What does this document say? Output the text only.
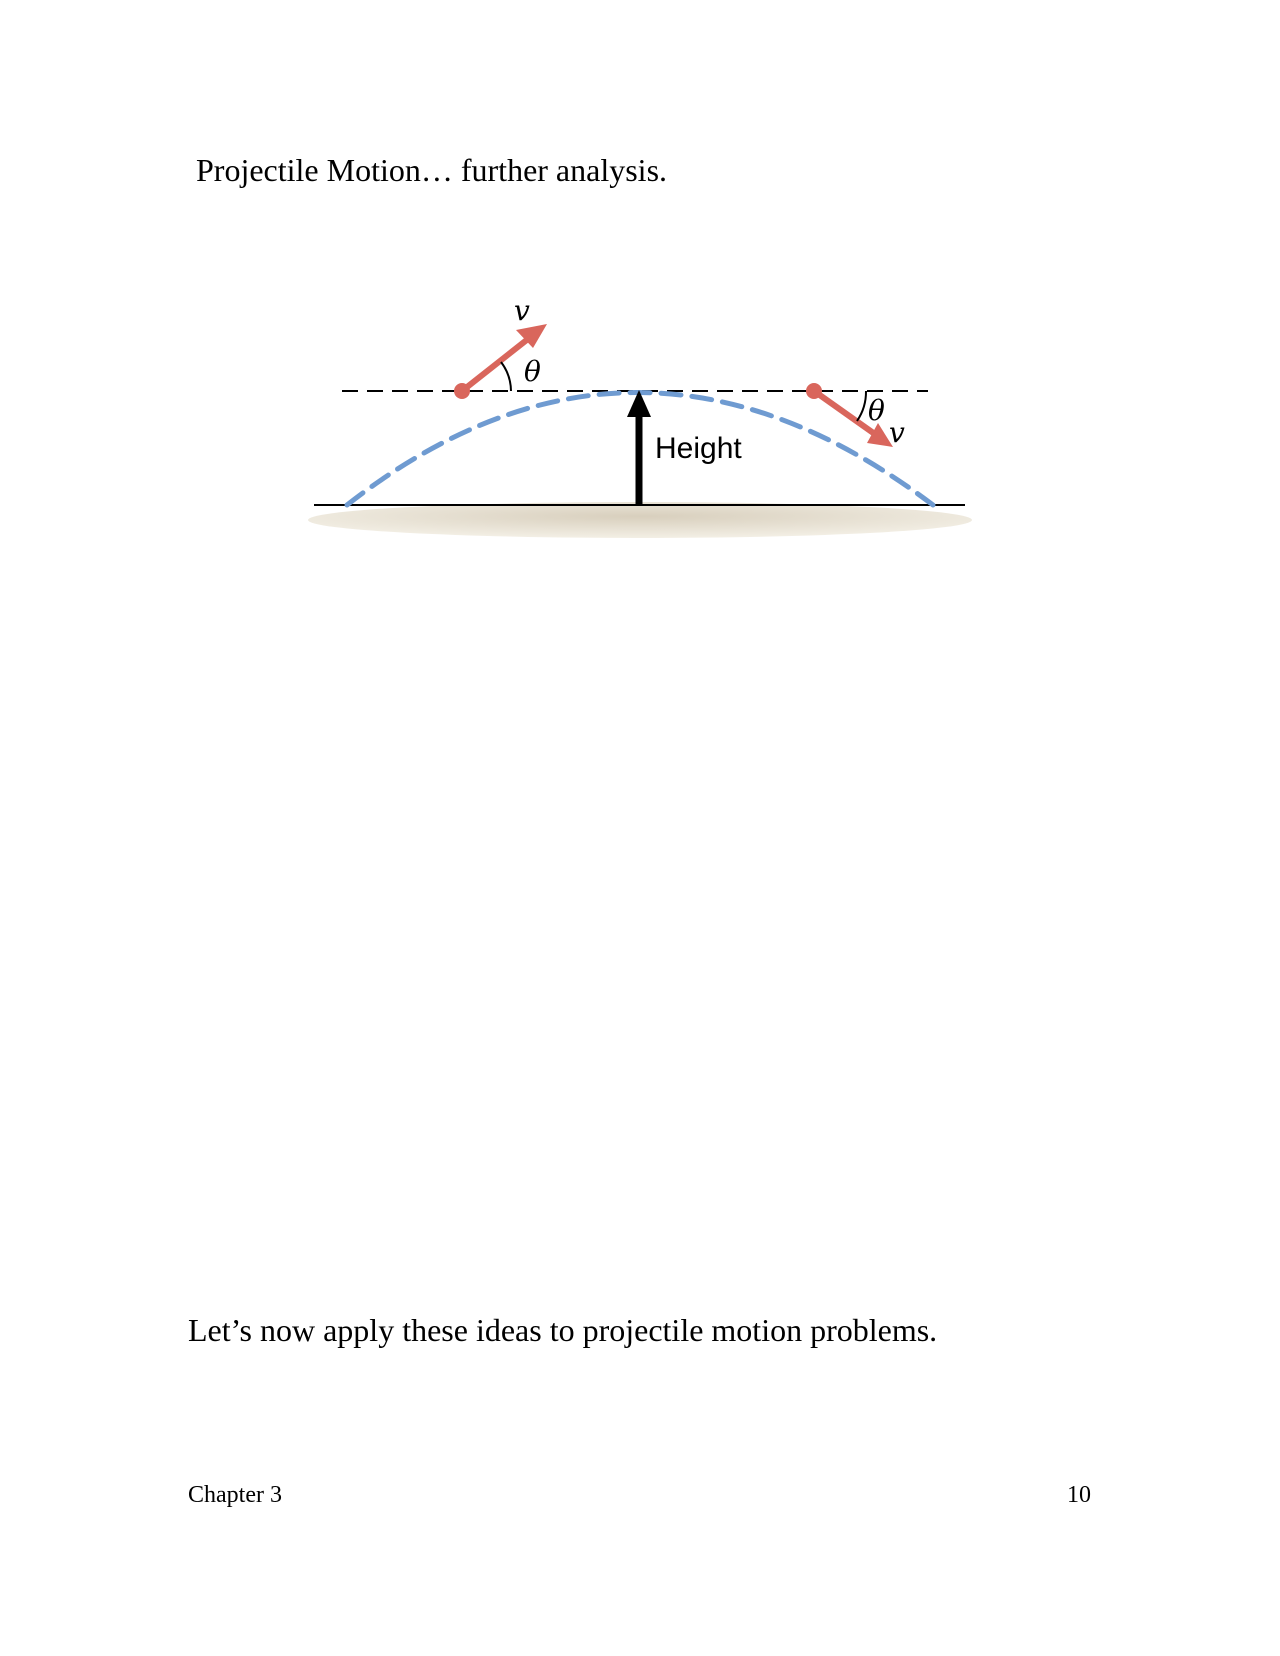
Projectile Motion… further analysis.
Height
θ
v
θ
v
Let’s now apply these ideas to projectile motion problems.
Chapter 3	10
